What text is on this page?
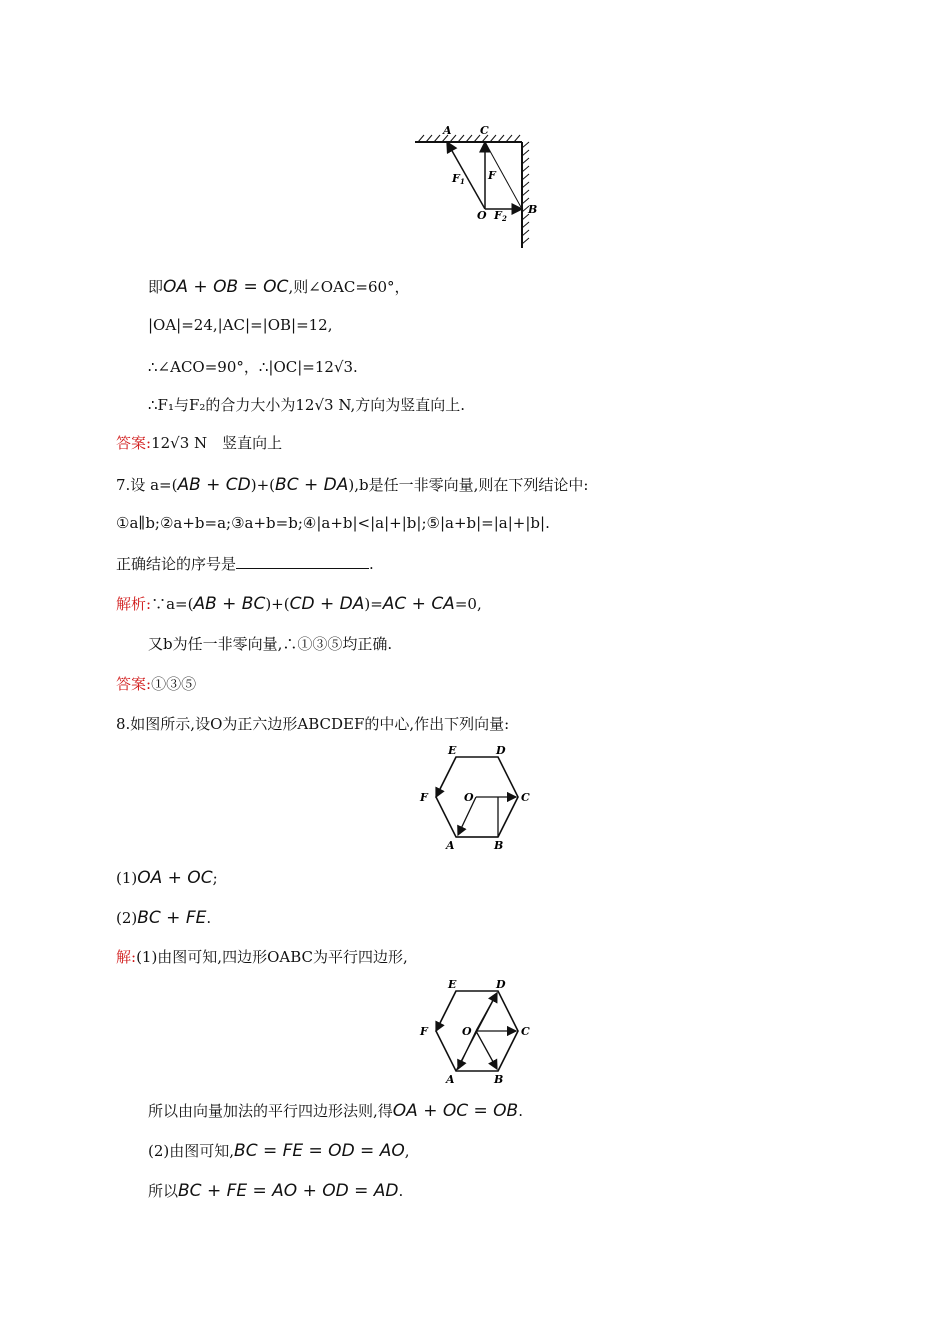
A	C
B
O
F 1 F
F 2
即OA + OB = OC,则∠OAC=60°，
|OA|=24,|AC|=|OB|=12,
∴∠ACO=90°，∴|OC|=12√3.
∴F₁与F₂的合力大小为12√3 N,方向为竖直向上.
答案:12√3 N　竖直向上
7.设 a=(AB + CD)+(BC + DA),b是任一非零向量,则在下列结论中:
①a∥b;②a+b=a;③a+b=b;④|a+b|<|a|+|b|;⑤|a+b|=|a|+|b|.
正确结论的序号是	.
解析:∵a=(AB + BC)+(CD + DA)=AC + CA=0,
又b为任一非零向量,∴①③⑤均正确.
答案:①③⑤
8.如图所示,设O为正六边形ABCDEF的中心,作出下列向量:
E	D
F	O	C
A	B
(1)OA + OC;
(2)BC + FE.
解:(1)由图可知,四边形OABC为平行四边形,
E	D
F	O	C
A	B
所以由向量加法的平行四边形法则,得OA + OC = OB.
(2)由图可知,BC = FE = OD = AO,
所以BC + FE = AO + OD = AD.
